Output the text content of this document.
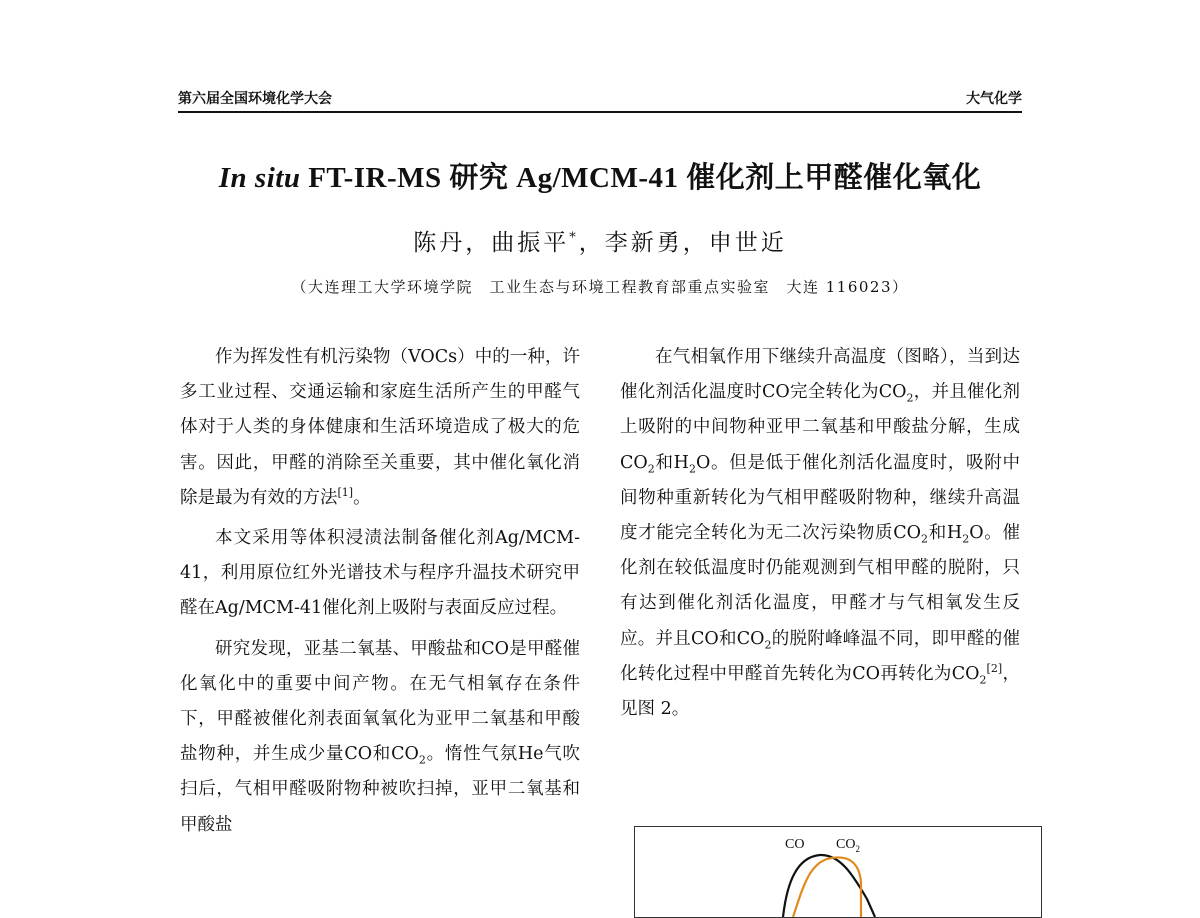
第六届全国环境化学大会	大气化学
In situ FT-IR-MS 研究 Ag/MCM-41 催化剂上甲醛催化氧化
陈丹，曲振平*，李新勇，申世近
（大连理工大学环境学院　工业生态与环境工程教育部重点实验室　大连 116023）

作为挥发性有机污染物（VOCs）中的一种，许多工业过程、交通运输和家庭生活所产生的甲醛气体对于人类的身体健康和生活环境造成了极大的危害。因此，甲醛的消除至关重要，其中催化氧化消除是最为有效的方法[1]。

本文采用等体积浸渍法制备催化剂Ag/MCM-41，利用原位红外光谱技术与程序升温技术研究甲醛在Ag/MCM-41催化剂上吸附与表面反应过程。

研究发现，亚基二氧基、甲酸盐和CO是甲醛催化氧化中的重要中间产物。在无气相氧存在条件下，甲醛被催化剂表面氧氧化为亚甲二氧基和甲酸盐物种，并生成少量CO和$CO_2$。惰性气氛He气吹扫后，气相甲醛吸附物种被吹扫掉，亚甲二氧基和甲酸盐

在气相氧作用下继续升高温度（图略），当到达催化剂活化温度时CO完全转化为$CO_2$，并且催化剂上吸附的中间物种亚甲二氧基和甲酸盐分解，生成$CO_2$和$H_2O$。但是低于催化剂活化温度时，吸附中间物种重新转化为气相甲醛吸附物种，继续升高温度才能完全转化为无二次污染物质$CO_2$和$H_2O$。催化剂在较低温度时仍能观测到气相甲醛的脱附，只有达到催化剂活化温度，甲醛才与气相氧发生反应。并且CO和$CO_2$的脱附峰峰温不同，即甲醛的催化转化过程中甲醛首先转化为CO再转化为$CO_2[2]$，见图 2。

CO $CO_2$
